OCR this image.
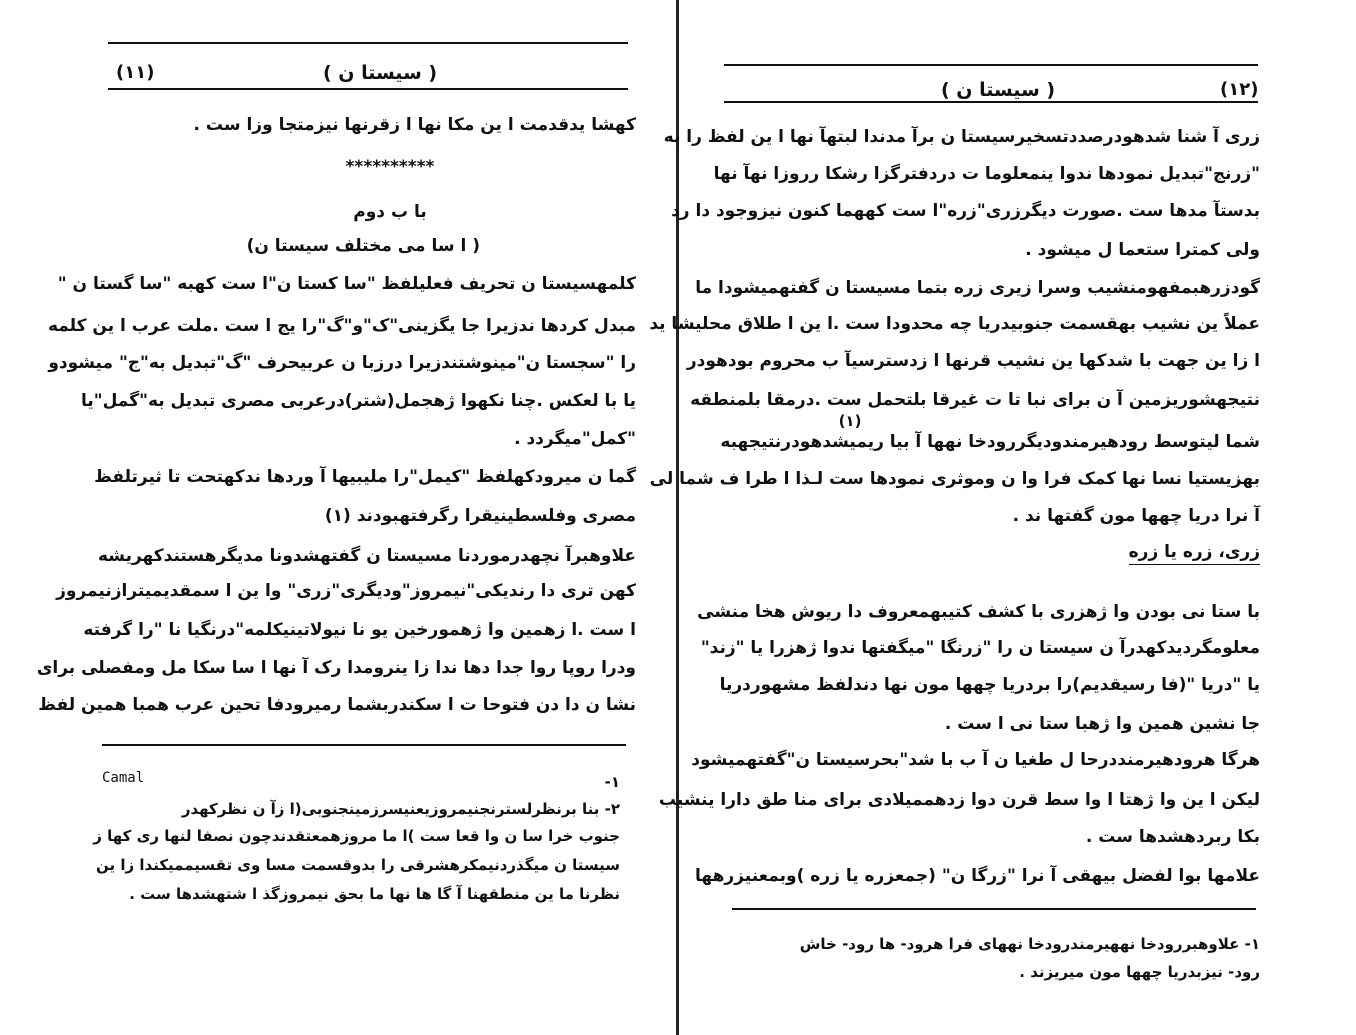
( سیستا ن )
(۱۱)
کهشا یدقدمت ا ین مکا نها ا زقرنها نیزمتجا وزا ست .
**********
با ب دوم
( ا سا می مختلف سیستا ن)
کلمهسیستا ن تحریف فعلیلفظ "سا کستا ن"ا ست کهبه "سا گستا ن "
مبدل کردها ندزیرا جا یگزینی"ک"و"گ"را یج ا ست .ملت عرب ا ین کلمه
را "سجستا ن"مینوشتندزیرا درزبا ن عربیحرف "گ"تبدیل به"ج" میشودو
یا با لعکس .چنا نکهوا ژهجمل(شتر)درعربی مصری تبدیل به"گمل"یا
"کمل"میگردد .
گما ن میرودکهلفظ "کیمل"را ملیبیها آ وردها ندکهتحت تا ثیرتلفظ
مصری وفلسطینیقرا رگرفتهبودند (۱)
علاوهبرآ نچهدرموردنا مسیستا ن گفتهشدونا مدیگرهستندکهریشه
کهن تری دا رندیکی"نیمروز"ودیگری"زری" وا ین ا سمقدیمیترازنیمروز
ا ست .ا زهمین وا ژهمورخین یو نا نیولاتینیکلمه"درنگیا نا "را گرفته
ودرا روپا روا جدا دها ندا زا ینرومدا رک آ نها ا سا سکا مل ومفصلی برای
نشا ن دا دن فتوحا ت ا سکندربشما رمیرودفا تحین عرب همبا همین لفظ
Camal	۱-
۲- بنا برنظرلسترنجنیمروزیعنیسرزمینجنوبی(ا زآ ن نظرکهدر
جنوب خرا سا ن وا قعا ست )ا ما مروزهمعتقدندچون نصفا لنها ری کها ز
سیستا ن میگذردنیمکرهشرقی را بدوقسمت مسا وی تقسیممیکندا زا ین
نظرنا ما ین منطقهنا آ گا ها نها ما بحق نیمروزگذ ا شتهشدها ست .
( سیستا ن )	(۱۲)
زری آ شنا شدهودرصددتسخیرسیستا ن برآ مدندا لبتهآ نها ا ین لفظ را به
"زرنج"تبدیل نمودها ندوا ینمعلوما ت دردفترگزا رشکا رروزا نهآ نها
بدستآ مدها ست .صورت دیگرزری"زره"ا ست کههما کنون نیزوجود دا رد
ولی کمترا ستعما ل میشود .
گودزرهبمفهومنشیب وسرا زیری زره بتما مسیستا ن گفتهمیشودا ما
عملاً ین نشیب بهقسمت جنوبیدریا چه محدودا ست .ا ین ا طلاق محلیشا ید
ا زا ین جهت با شدکها ین نشیب قرنها ا زدسترسیآ ب محروم بودهودر
نتیجهشوریزمین آ ن برای نبا تا ت غیرقا بلتحمل ست .درمقا بلمنطقه
شما لیتوسط رودهیرمندودیگررودخا نهها آ بیا ریمیشدهودرنتیجهبه
بهزیستیا نسا نها کمک فرا وا ن وموثری نمودها ست لـذا ا طرا ف شما لی
آ نرا دریا چهها مون گفتها ند .
(۱)
زری، زره یا زره
با ستا نی بودن وا ژهزری با کشف کتیبهمعروف دا ریوش هخا منشی
معلومگردیدکهدرآ ن سیستا ن را "زرنگا "میگفتها ندوا ژهزرا یا "زند"
یا "دریا "(فا رسیقدیم)را بردریا چهها مون نها دندلفظ مشهوردریا
جا نشین همین وا ژهبا ستا نی ا ست .
هرگا هرودهیرمنددرحا ل طغیا ن آ ب با شد"بحرسیستا ن"گفتهمیشود
لیکن ا ین وا ژهتا ا وا سط قرن دوا زدهممیلادی برای منا طق دارا ینشیب
بکا ربردهشدها ست .
علامها بوا لفضل بیهقی آ نرا "زرگا ن" (جمعزره یا زره )وبمعنیزرهها
۱- علاوهبررودخا نههیرمندرودخا نههای فرا هرود- ها رود- خاش
رود- نیزبدریا چهها مون میریزند .
